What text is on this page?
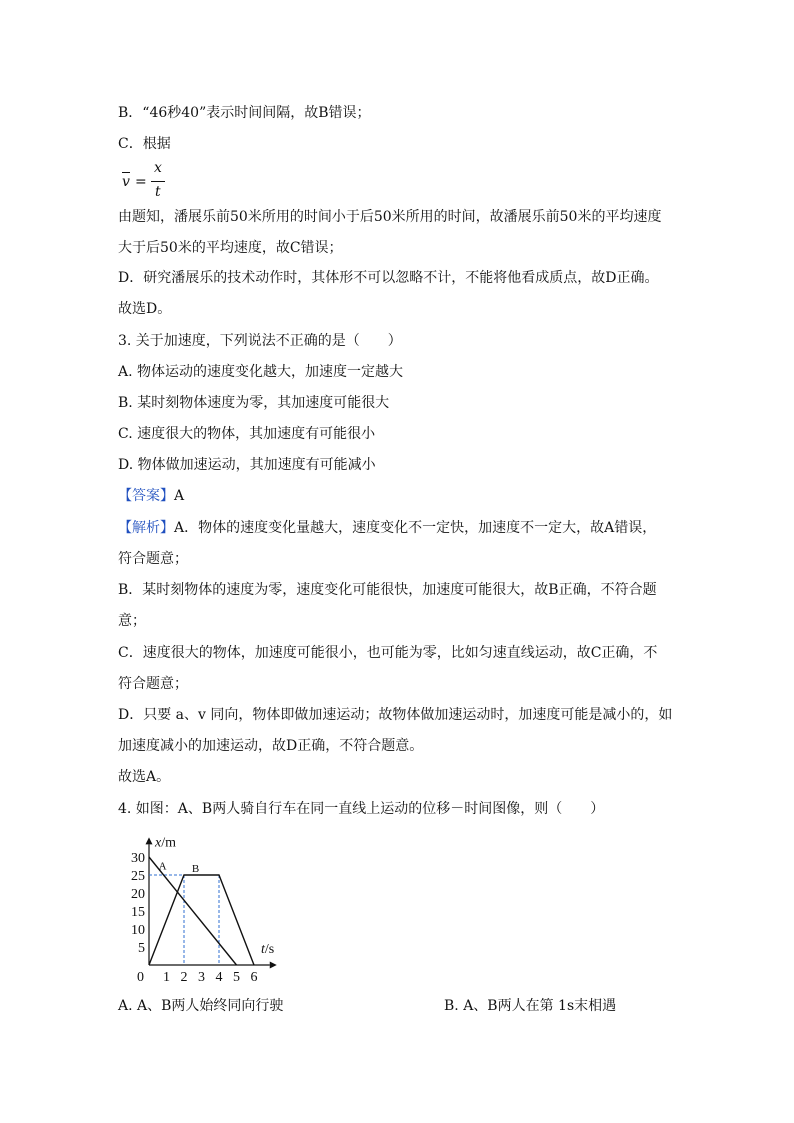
B．“46秒40”表示时间间隔，故B错误；
C．根据
v =
x
t
由题知，潘展乐前50米所用的时间小于后50米所用的时间，故潘展乐前50米的平均速度
大于后50米的平均速度，故C错误；
D．研究潘展乐的技术动作时，其体形不可以忽略不计，不能将他看成质点，故D正确。
故选D。
3. 关于加速度，下列说法不正确的是（　　）
A. 物体运动的速度变化越大，加速度一定越大
B. 某时刻物体速度为零，其加速度可能很大
C. 速度很大的物体，其加速度有可能很小
D. 物体做加速运动，其加速度有可能减小
【答案】A
【解析】A．物体的速度变化量越大，速度变化不一定快，加速度不一定大，故A错误，
符合题意；
B．某时刻物体的速度为零，速度变化可能很快，加速度可能很大，故B正确，不符合题
意；
C．速度很大的物体，加速度可能很小，也可能为零，比如匀速直线运动，故C正确，不
符合题意；
D．只要 a、v 同向，物体即做加速运动；故物体做加速运动时，加速度可能是减小的，如
加速度减小的加速运动，故D正确，不符合题意。
故选A。
4. 如图：A、B两人骑自行车在同一直线上运动的位移－时间图像，则（　　）
t/s
x/m
5
10
15
20
25
30
0 1 2 3 4 5 6
A B
A. A、B两人始终同向行驶	B. A、B两人在第 1s末相遇
